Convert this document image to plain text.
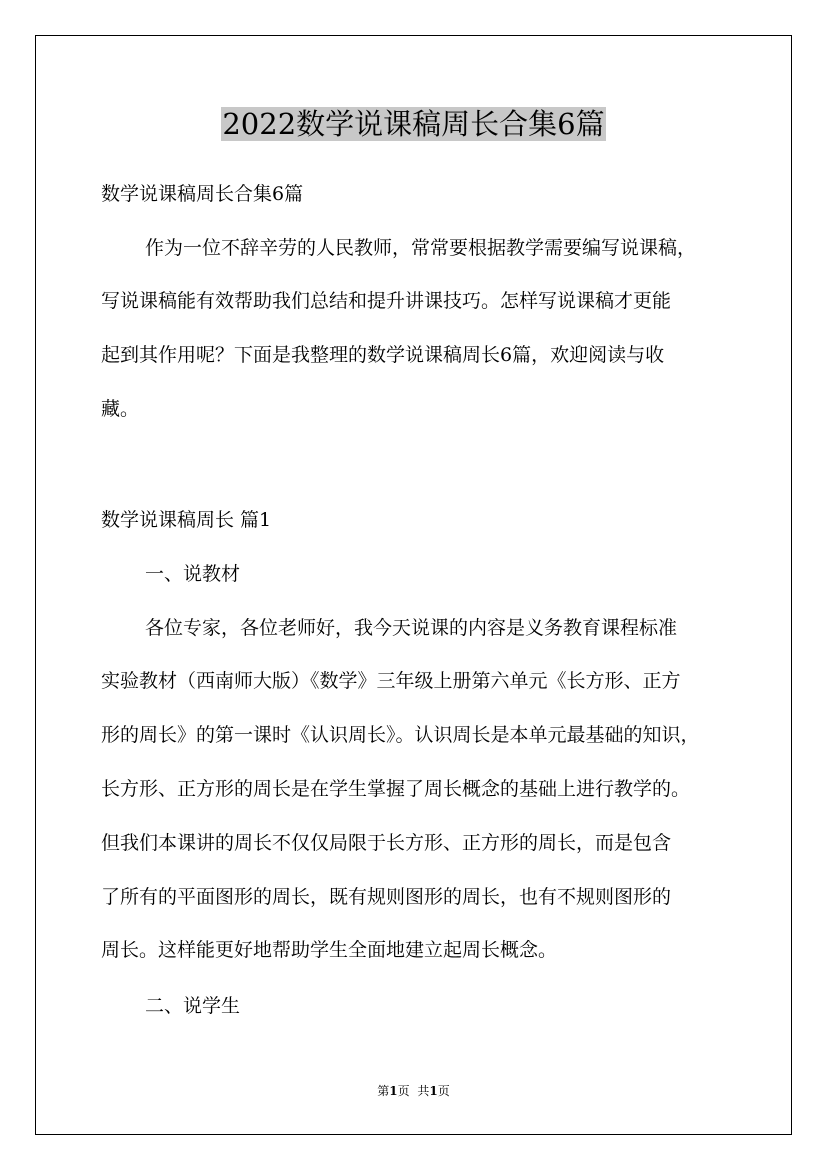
2022数学说课稿周长合集6篇

数学说课稿周长合集6篇

作为一位不辞辛劳的人民教师，常常要根据教学需要编写说课稿，

写说课稿能有效帮助我们总结和提升讲课技巧。怎样写说课稿才更能

起到其作用呢？下面是我整理的数学说课稿周长6篇，欢迎阅读与收

藏。

数学说课稿周长 篇1

一、说教材

各位专家，各位老师好，我今天说课的内容是义务教育课程标准

实验教材（西南师大版）《数学》三年级上册第六单元《长方形、正方

形的周长》的第一课时《认识周长》。认识周长是本单元最基础的知识，

长方形、正方形的周长是在学生掌握了周长概念的基础上进行教学的。

但我们本课讲的周长不仅仅局限于长方形、正方形的周长，而是包含

了所有的平面图形的周长，既有规则图形的周长，也有不规则图形的

周长。这样能更好地帮助学生全面地建立起周长概念。

二、说学生

第1页 共1页
